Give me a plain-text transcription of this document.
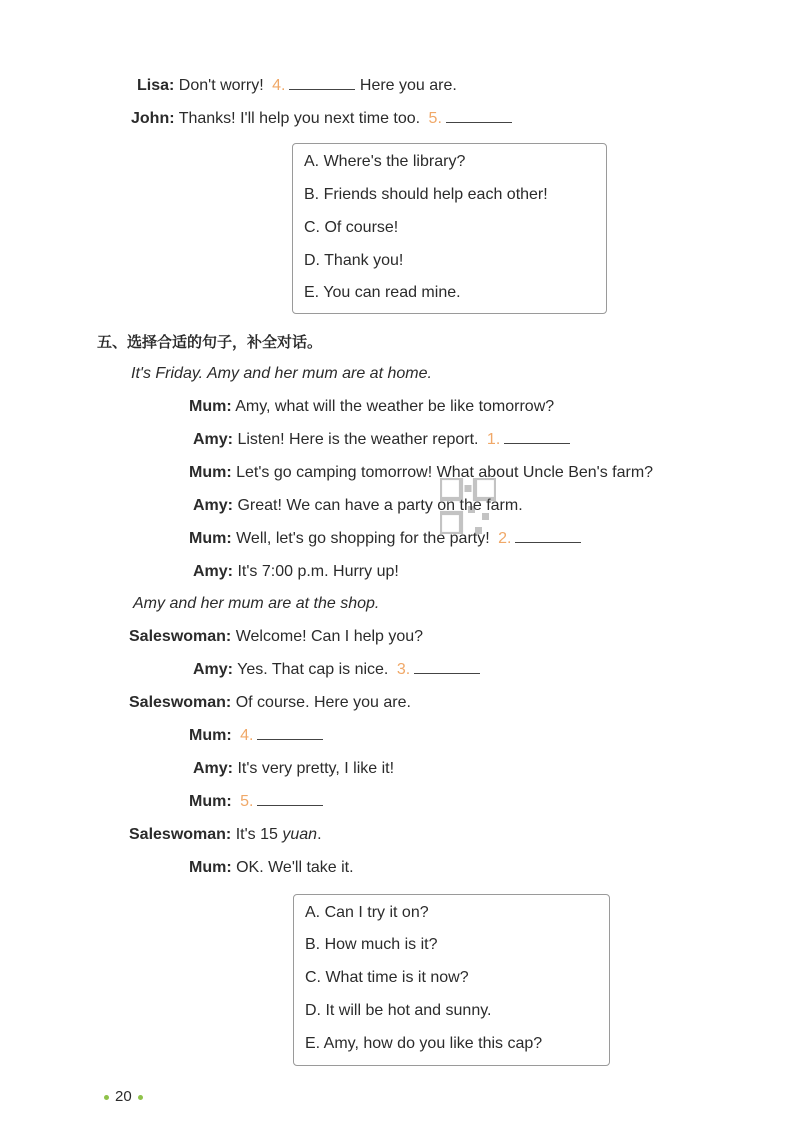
Lisa: Don't worry! 4.	Here you are.
John: Thanks! I'll help you next time too. 5.
A. Where's the library?
B. Friends should help each other!
C. Of course!
D. Thank you!
E. You can read mine.
五、选择合适的句子，补全对话。
It's Friday. Amy and her mum are at home.
Mum: Amy, what will the weather be like tomorrow?
Amy: Listen! Here is the weather report. 1.
Mum: Let's go camping tomorrow! What about Uncle Ben's farm?
Amy: Great! We can have a party on the farm.
Mum: Well, let's go shopping for the party! 2.
Amy: It's 7:00 p.m. Hurry up!
Amy and her mum are at the shop.
Saleswoman: Welcome! Can I help you?
Amy: Yes. That cap is nice. 3.
Saleswoman: Of course. Here you are.
Mum: 4.
Amy: It's very pretty, I like it!
Mum: 5.
Saleswoman: It's 15 yuan.
Mum: OK. We'll take it.
A. Can I try it on?
B. How much is it?
C. What time is it now?
D. It will be hot and sunny.
E. Amy, how do you like this cap?
20
